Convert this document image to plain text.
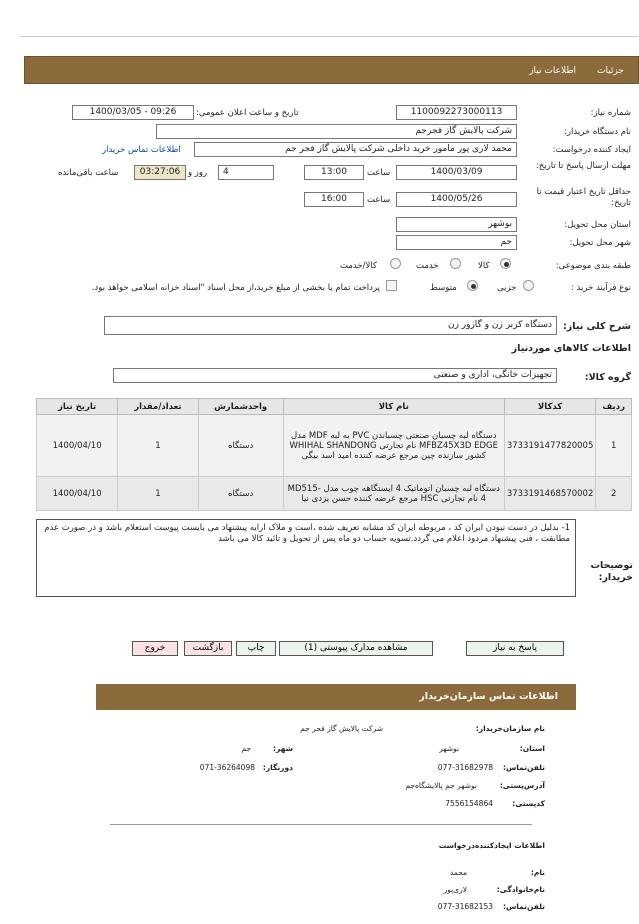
جزئیات
اطلاعات نیاز
شماره نیاز:
1100092273000113
تاریخ و ساعت اعلان عمومی:
1400/03/05 - 09:26
نام دستگاه خریدار:
شرکت پالایش گاز فجرجم
ایجاد کننده درخواست:
محمد لاری پور مامور خرید داخلی شرکت پالایش گاز فجر جم
اطلاعات تماس خریدار
مهلت ارسال پاسخ تا تاریخ:
1400/03/09
ساعت
13:00
4
روز و
03:27:06
ساعت باقی‌مانده
حداقل تاریخ اعتبار قیمت تا تاریخ:
1400/05/26
ساعت
16:00
استان محل تحویل:
بوشهر
شهر محل تحویل:
جم
طبقه بندی موضوعی:
کالا
خدمت
کالا/خدمت
نوع فرآیند خرید :
جزیی
متوسط
پرداخت تمام یا بخشی از مبلغ خرید،از محل اسناد "اسناد خزانه اسلامی خواهد بود.
شرح کلی نیاز:
دستگاه کربر زن و گازور زن
اطلاعات کالاهای موردنیاز
گروه کالا:
تجهیزات خانگی، اداری و صنعتی
ردیف	کدکالا	نام کالا	واحدشمارش	تعداد/مقدار	تاریخ نیاز
1	3733191477820005	دستگاه لبه چسبان صنعتی چسباندن PVC به لبه MDF مدل MFBZ45X3D EDGE نام تجارتی WHIHAL SHANDONG کشور سازنده چین مرجع عرضه کننده امید اسد بیگی	دستگاه	1	1400/04/10
2	3733191468570002	دستگاه لبه چسبان اتوماتیک 4 ایستگاهه چوب مدل MD515-4 نام تجارتی HSC مرجع عرضه کننده حسن یزدی نیا	دستگاه	1	1400/04/10
1- بدلیل در دست نبودن ایران کد ، مربوطه ایران کد مشابه تعریف شده ،است و ملاک ارایه پیشنهاد می بایست پیوست استعلام باشد و در صورت عدم مطابقت ، فنی پیشنهاد مردود اعلام می گردد.تسویه حساب دو ماه پس از تحویل و تائید کالا می باشد
توضیحات خریدار:
پاسخ به نیاز
مشاهده مدارک پیوستی (1)
چاپ
بازگشت
خروج
اطلاعات تماس سازمان‌خریدار
نام سازمان‌خریدار:
شرکت پالایش گاز فجر جم
استان:
بوشهر
شهر:
جم
تلفن‌تماس:
077-31682978
دورنگار:
071-36264098
آدرس‌پستی:
بوشهر جم پالایشگاه‌جم
کدپستی:
7556154864
اطلاعات ایجادکننده‌درخواست
نام:
محمد
نام‌خانوادگی:
لاری‌پور
تلفن‌تماس:
077-31682153
